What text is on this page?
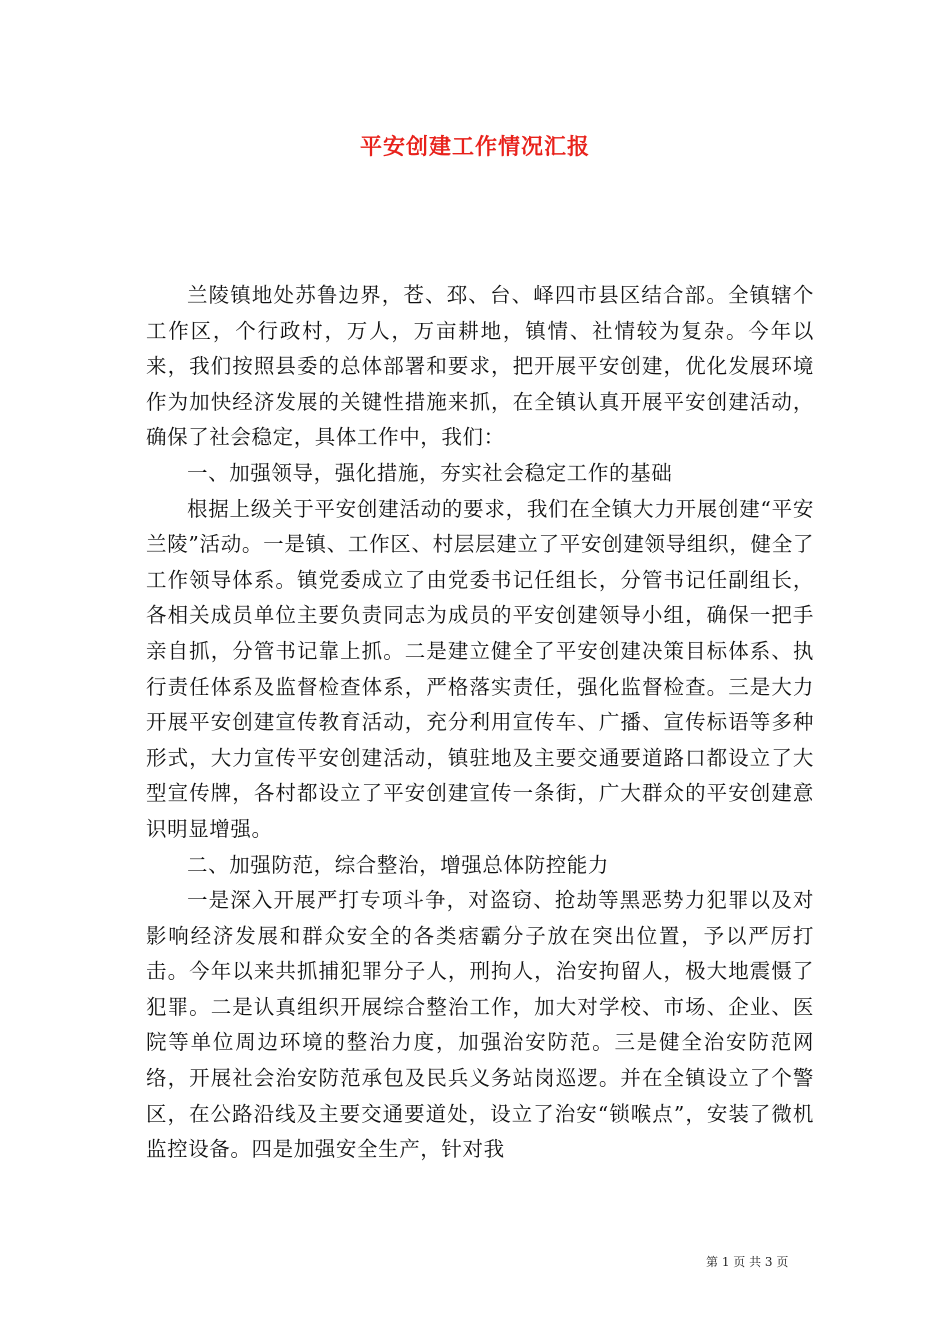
平安创建工作情况汇报

兰陵镇地处苏鲁边界，苍、邳、台、峄四市县区结合部。全镇辖个工作区，个行政村，万人，万亩耕地，镇情、社情较为复杂。今年以来，我们按照县委的总体部署和要求，把开展平安创建，优化发展环境作为加快经济发展的关键性措施来抓，在全镇认真开展平安创建活动，确保了社会稳定，具体工作中，我们：

一、加强领导，强化措施，夯实社会稳定工作的基础

根据上级关于平安创建活动的要求，我们在全镇大力开展创建“平安兰陵”活动。一是镇、工作区、村层层建立了平安创建领导组织，健全了工作领导体系。镇党委成立了由党委书记任组长，分管书记任副组长，各相关成员单位主要负责同志为成员的平安创建领导小组，确保一把手亲自抓，分管书记靠上抓。二是建立健全了平安创建决策目标体系、执行责任体系及监督检查体系，严格落实责任，强化监督检查。三是大力开展平安创建宣传教育活动，充分利用宣传车、广播、宣传标语等多种形式，大力宣传平安创建活动，镇驻地及主要交通要道路口都设立了大型宣传牌，各村都设立了平安创建宣传一条街，广大群众的平安创建意识明显增强。

二、加强防范，综合整治，增强总体防控能力

一是深入开展严打专项斗争，对盗窃、抢劫等黑恶势力犯罪以及对影响经济发展和群众安全的各类痞霸分子放在突出位置，予以严厉打击。今年以来共抓捕犯罪分子人，刑拘人，治安拘留人，极大地震慑了犯罪。二是认真组织开展综合整治工作，加大对学校、市场、企业、医院等单位周边环境的整治力度，加强治安防范。三是健全治安防范网络，开展社会治安防范承包及民兵义务站岗巡逻。并在全镇设立了个警区，在公路沿线及主要交通要道处，设立了治安“锁喉点”，安装了微机监控设备。四是加强安全生产，针对我

第 1 页 共 3 页
